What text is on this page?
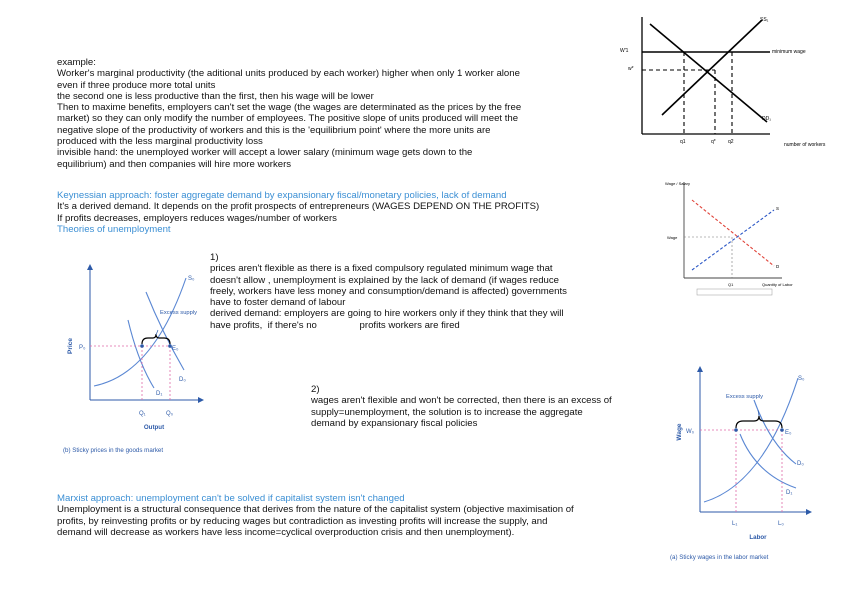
example:

Worker's marginal productivity (the aditional units produced by each worker) higher when only 1 worker alone

even if three produce more total units

the second one is less productive than the first, then his wage will be lower

Then to maxime benefits, employers can't set the wage (the wages are determinated as the prices by the free

market) so they can only modify the number of employees. The positive slope of units produced will meet the

negative slope of the productivity of workers and this is the 'equilibrium point' where the more units are

produced with the less marginal productivity loss

invisible hand: the unemployed worker will accept a lower salary (minimum wage gets down to the

equilibrium) and then companies will hire more workers

Keynessian approach: foster aggregate demand by expansionary fiscal/monetary policies, lack of demand

It's a derived demand. It depends on the profit prospects of entrepreneurs (WAGES DEPEND ON THE PROFITS)

If profits decreases, employers reduces wages/number of workers

Theories of unemployment

1)

prices aren't flexible as there is a fixed compulsory regulated minimum wage that

doesn't allow , unemployment is explained by the lack of demand (if wages reduce

freely, workers have less money and consumption/demand is affected) governments

have to foster demand of labour

derived demand: employers are going to hire workers only if they think that they will

have profits,  if there's no                profits workers are fired

2)

wages aren't flexible and won't be corrected, then there is an excess of

supply=unemployment, the solution is to increase the aggregate

demand by expansionary fiscal policies

Marxist approach: unemployment can't be solved if capitalist system isn't changed

Unemployment is a structural consequence that derives from the nature of the capitalist system (objective maximisation of

profits, by reinvesting profits or by reducing wages but contradiction as investing profits will increase the supply, and

demand will decrease as workers have less income=cyclical overproduction crisis and then unemployment).

SS₁
DD₁
W'1
w*
minimum wage
q1	q* q2	number of workers
Wage / Salary
Wage
S
D
Q1	Quantity of Labor
Price P₀
S₀
Excess supply
E₀
D₀
D₁
Q₁	Q₀
Output
(b) Sticky prices in the goods market
Wage W₀
S₀
Excess supply
E₀
D₀
D₁
L₁	L₀
Labor
(a) Sticky wages in the labor market
